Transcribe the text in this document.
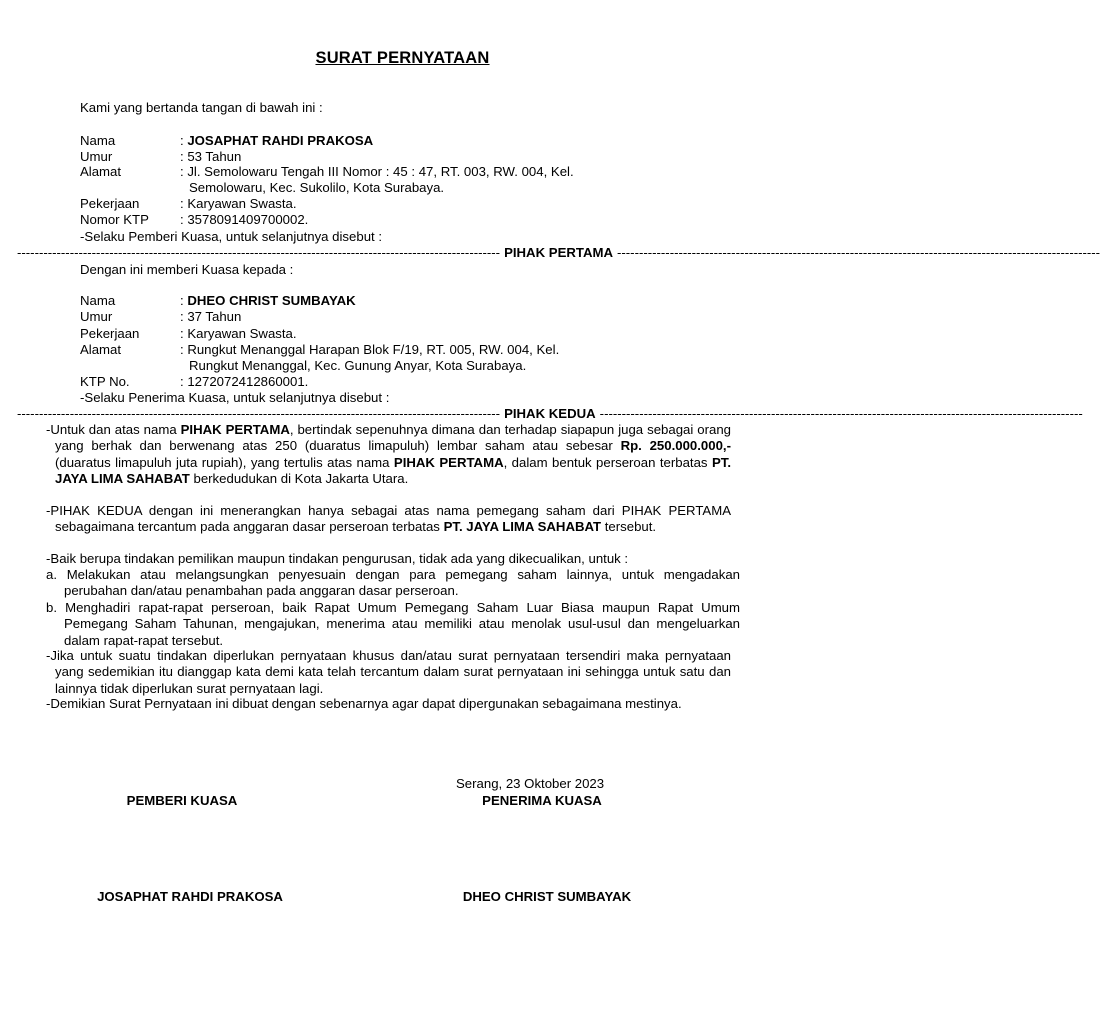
SURAT PERNYATAAN
Kami yang bertanda tangan di bawah ini :
Nama	: JOSAPHAT RAHDI PRAKOSA
Umur	: 53 Tahun
Alamat	: Jl. Semolowaru Tengah III Nomor : 45 : 47, RT. 003, RW. 004, Kel.
Semolowaru, Kec. Sukolilo, Kota Surabaya.
Pekerjaan	: Karyawan Swasta.
Nomor KTP : 3578091409700002.
-Selaku Pemberi Kuasa, untuk selanjutnya disebut :
-------------------------------------------------------------------------------------------------------------- PIHAK PERTAMA --------------------------------------------------------------------------------------------------------------
Dengan ini memberi Kuasa kepada :
Nama	: DHEO CHRIST SUMBAYAK
Umur	: 37 Tahun
Pekerjaan	: Karyawan Swasta.
Alamat	: Rungkut Menanggal Harapan Blok F/19, RT. 005, RW. 004, Kel.
Rungkut Menanggal, Kec. Gunung Anyar, Kota Surabaya.
KTP No.	: 1272072412860001.
-Selaku Penerima Kuasa, untuk selanjutnya disebut :
-------------------------------------------------------------------------------------------------------------- PIHAK KEDUA --------------------------------------------------------------------------------------------------------------
-Untuk dan atas nama PIHAK PERTAMA, bertindak sepenuhnya dimana dan terhadap siapapun juga sebagai orang yang berhak dan berwenang atas 250 (duaratus limapuluh) lembar saham atau sebesar Rp. 250.000.000,- (duaratus limapuluh juta rupiah), yang tertulis atas nama PIHAK PERTAMA, dalam bentuk perseroan terbatas PT. JAYA LIMA SAHABAT berkedudukan di Kota Jakarta Utara.
-PIHAK KEDUA dengan ini menerangkan hanya sebagai atas nama pemegang saham dari PIHAK PERTAMA sebagaimana tercantum pada anggaran dasar perseroan terbatas PT. JAYA LIMA SAHABAT tersebut.
-Baik berupa tindakan pemilikan maupun tindakan pengurusan, tidak ada yang dikecualikan, untuk :
a. Melakukan atau melangsungkan penyesuain dengan para pemegang saham lainnya, untuk mengadakan perubahan dan/atau penambahan pada anggaran dasar perseroan.
b. Menghadiri rapat-rapat perseroan, baik Rapat Umum Pemegang Saham Luar Biasa maupun Rapat Umum Pemegang Saham Tahunan, mengajukan, menerima atau memiliki atau menolak usul-usul dan mengeluarkan dalam rapat-rapat tersebut.
-Jika untuk suatu tindakan diperlukan pernyataan khusus dan/atau surat pernyataan tersendiri maka pernyataan yang sedemikian itu dianggap kata demi kata telah tercantum dalam surat pernyataan ini sehingga untuk satu dan lainnya tidak diperlukan surat pernyataan lagi.
-Demikian Surat Pernyataan ini dibuat dengan sebenarnya agar dapat dipergunakan sebagaimana mestinya.
Serang, 23 Oktober 2023
PEMBERI KUASA	PENERIMA KUASA
JOSAPHAT RAHDI PRAKOSA	DHEO CHRIST SUMBAYAK
